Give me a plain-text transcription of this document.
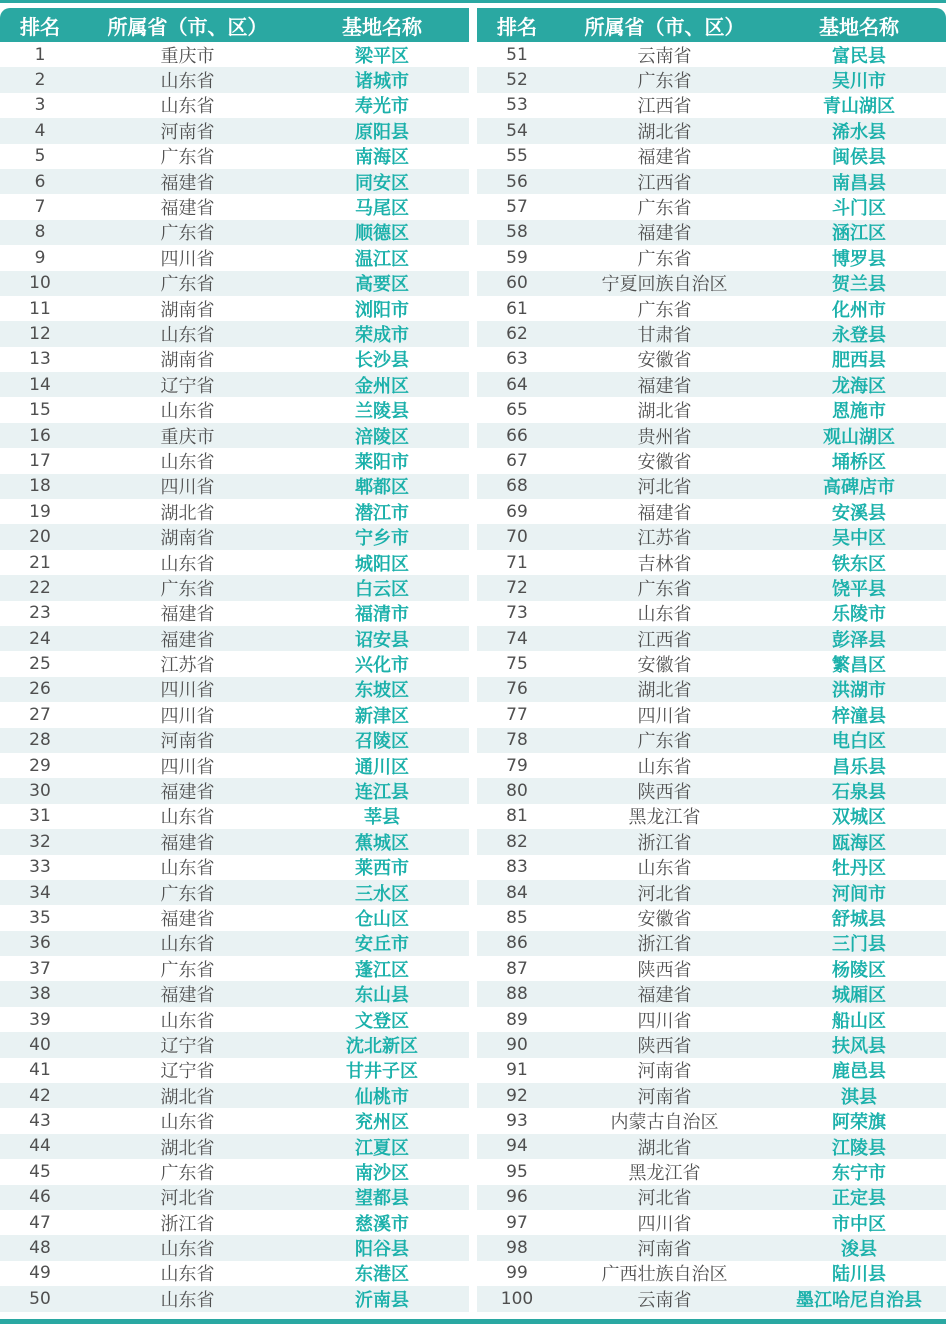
排名	所属省（市、区）	基地名称
1	重庆市	梁平区
2	山东省	诸城市
3	山东省	寿光市
4	河南省	原阳县
5	广东省	南海区
6	福建省	同安区
7	福建省	马尾区
8	广东省	顺德区
9	四川省	温江区
10	广东省	高要区
11	湖南省	浏阳市
12	山东省	荣成市
13	湖南省	长沙县
14	辽宁省	金州区
15	山东省	兰陵县
16	重庆市	涪陵区
17	山东省	莱阳市
18	四川省	郫都区
19	湖北省	潜江市
20	湖南省	宁乡市
21	山东省	城阳区
22	广东省	白云区
23	福建省	福清市
24	福建省	诏安县
25	江苏省	兴化市
26	四川省	东坡区
27	四川省	新津区
28	河南省	召陵区
29	四川省	通川区
30	福建省	连江县
31	山东省	莘县
32	福建省	蕉城区
33	山东省	莱西市
34	广东省	三水区
35	福建省	仓山区
36	山东省	安丘市
37	广东省	蓬江区
38	福建省	东山县
39	山东省	文登区
40	辽宁省	沈北新区
41	辽宁省	甘井子区
42	湖北省	仙桃市
43	山东省	兖州区
44	湖北省	江夏区
45	广东省	南沙区
46	河北省	望都县
47	浙江省	慈溪市
48	山东省	阳谷县
49	山东省	东港区
50	山东省	沂南县
排名	所属省（市、区）	基地名称
51	云南省	富民县
52	广东省	吴川市
53	江西省	青山湖区
54	湖北省	浠水县
55	福建省	闽侯县
56	江西省	南昌县
57	广东省	斗门区
58	福建省	涵江区
59	广东省	博罗县
60	宁夏回族自治区	贺兰县
61	广东省	化州市
62	甘肃省	永登县
63	安徽省	肥西县
64	福建省	龙海区
65	湖北省	恩施市
66	贵州省	观山湖区
67	安徽省	埇桥区
68	河北省	高碑店市
69	福建省	安溪县
70	江苏省	吴中区
71	吉林省	铁东区
72	广东省	饶平县
73	山东省	乐陵市
74	江西省	彭泽县
75	安徽省	繁昌区
76	湖北省	洪湖市
77	四川省	梓潼县
78	广东省	电白区
79	山东省	昌乐县
80	陕西省	石泉县
81	黑龙江省	双城区
82	浙江省	瓯海区
83	山东省	牡丹区
84	河北省	河间市
85	安徽省	舒城县
86	浙江省	三门县
87	陕西省	杨陵区
88	福建省	城厢区
89	四川省	船山区
90	陕西省	扶风县
91	河南省	鹿邑县
92	河南省	淇县
93	内蒙古自治区	阿荣旗
94	湖北省	江陵县
95	黑龙江省	东宁市
96	河北省	正定县
97	四川省	市中区
98	河南省	浚县
99	广西壮族自治区	陆川县
100	云南省	墨江哈尼自治县
